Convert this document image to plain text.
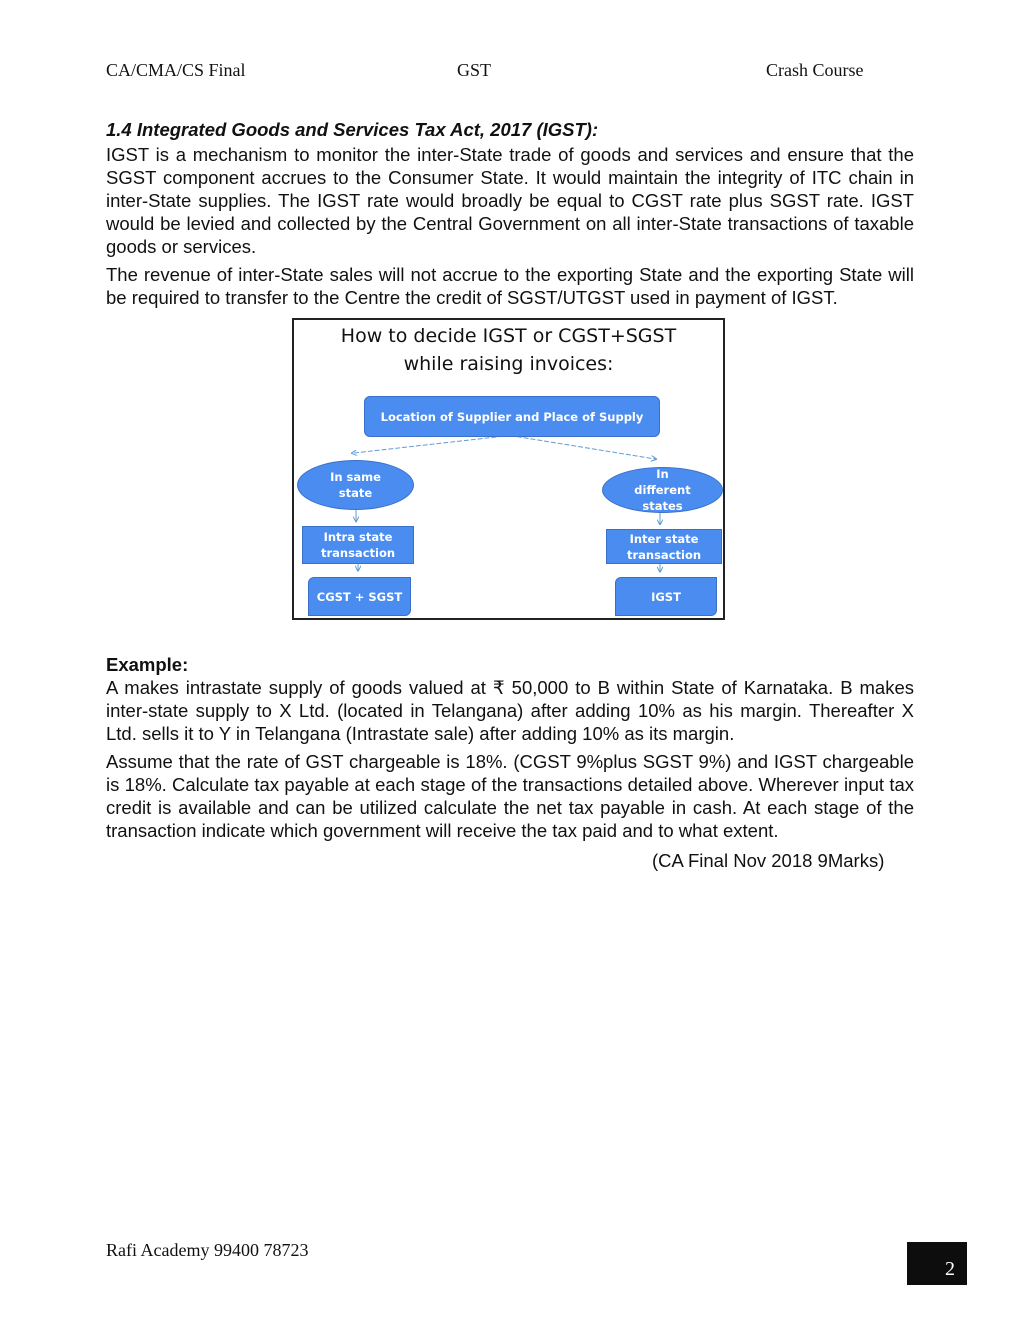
CA/CMA/CS Final	GST	Crash Course
1.4 Integrated Goods and Services Tax Act, 2017 (IGST):

IGST is a mechanism to monitor the inter-State trade of goods and services and ensure that the SGST component accrues to the Consumer State. It would maintain the integrity of ITC chain in inter-State supplies. The IGST rate would broadly be equal to CGST rate plus SGST rate. IGST would be levied and collected by the Central Government on all inter-State transactions of taxable goods or services.

The revenue of inter-State sales will not accrue to the exporting State and the exporting State will be required to transfer to the Centre the credit of SGST/UTGST used in payment of IGST.

How to decide IGST or CGST+SGST
while raising invoices:
Location of Supplier and Place of Supply
In same state
In different states
Intra state transaction
Inter state transaction
CGST + SGST	IGST
Example:

A makes intrastate supply of goods valued at ₹ 50,000 to B within State of Karnataka. B makes inter-state supply to X Ltd. (located in Telangana) after adding 10% as his margin. Thereafter X Ltd. sells it to Y in Telangana (Intrastate sale) after adding 10% as its margin.

Assume that the rate of GST chargeable is 18%. (CGST 9%plus SGST 9%) and IGST chargeable is 18%. Calculate tax payable at each stage of the transactions detailed above. Wherever input tax credit is available and can be utilized calculate the net tax payable in cash. At each stage of the transaction indicate which government will receive the tax paid and to what extent.

(CA Final Nov 2018 9Marks)
Rafi Academy 99400 78723
2
